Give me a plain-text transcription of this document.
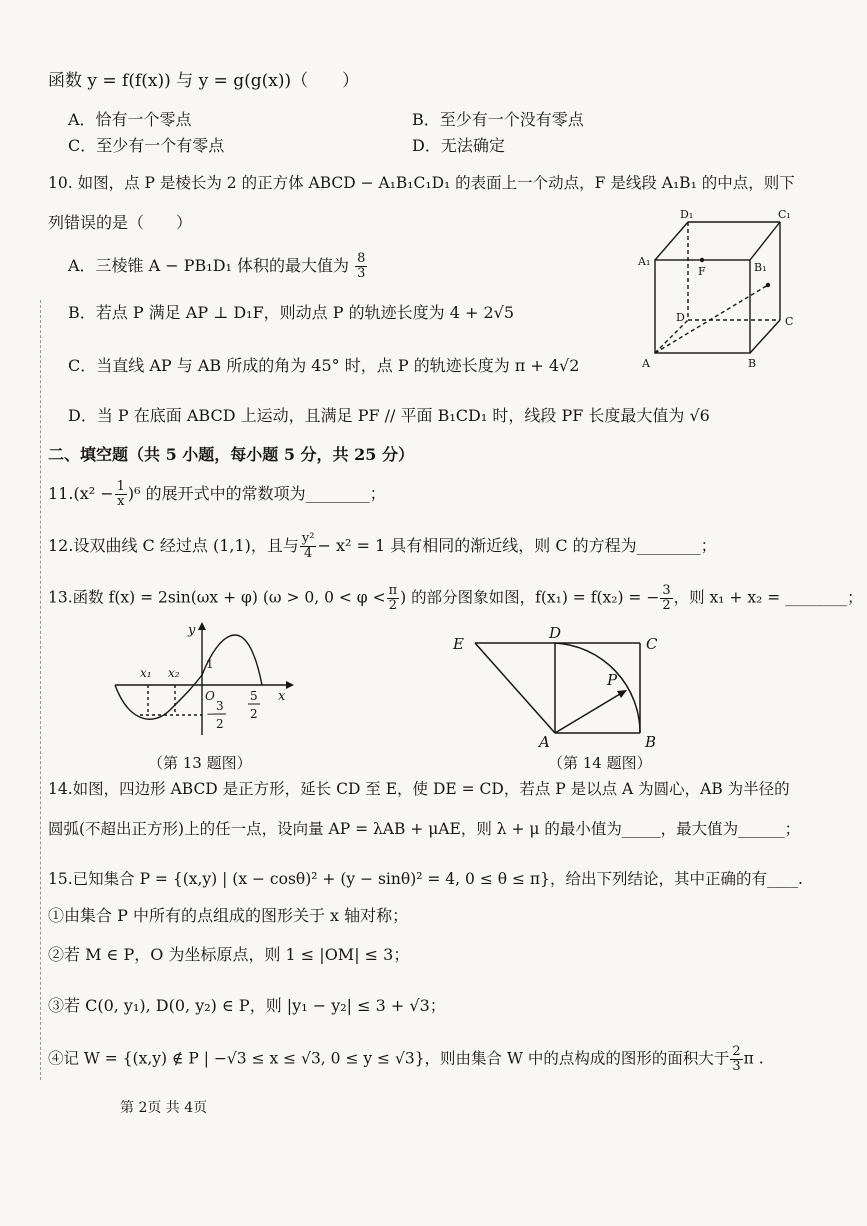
函数 y = f(f(x)) 与 y = g(g(x))（　　）
A．恰有一个零点	B．至少有一个没有零点
C．至少有一个有零点	D．无法确定
10. 如图，点 P 是棱长为 2 的正方体 ABCD − A₁B₁C₁D₁ 的表面上一个动点，F 是线段 A₁B₁ 的中点，则下
列错误的是（　　）
A．三棱锥 A − PB₁D₁ 体积的最大值为 $\frac{8}{3}$
B．若点 P 满足 AP ⊥ D₁F，则动点 P 的轨迹长度为 4 + 2√5
C．当直线 AP 与 AB 所成的角为 45° 时，点 P 的轨迹长度为 π + 4√2
D．当 P 在底面 ABCD 上运动，且满足 PF // 平面 B₁CD₁ 时，线段 PF 长度最大值为 √6
D₁	C₁
A₁	B₁
F
D	C
A	B
二、填空题（共 5 小题，每小题 5 分，共 25 分）
$11.(x^2 - \frac{1}{x} )^6$ 的展开式中的常数项为________；
12.设双曲线 C 经过点 (1,1)，且与 $\frac{\text{y²}}{4} - x^2 = 1$ 具有相同的渐近线，则 C 的方程为________；
13.函数 f(x) = 2sin(ωx + φ) (ω > 0, $0 < \varphi < \frac{\pi}{2}$ ) 的部分图象如图，f(x₁) = f(x₂) = − $\frac{3}{2}$ ，则 x₁ + x₂ = ________；
y
x
x₁ x₂
1
O
−
3
2
5
2
（第 13 题图）
E
D
C
P
A	B
（第 14 题图）
14.如图，四边形 ABCD 是正方形，延长 CD 至 E，使 DE = CD，若点 P 是以点 A 为圆心，AB 为半径的
圆弧(不超出正方形)上的任一点，设向量 AP = λAB + μAE，则 λ + μ 的最小值为_____，最大值为______；
15.已知集合 P = {(x,y) | (x − cosθ)² + (y − sinθ)² = 4, 0 ≤ θ ≤ π}，给出下列结论，其中正确的有____.
①由集合 P 中所有的点组成的图形关于 x 轴对称；
②若 M ∈ P，O 为坐标原点，则 1 ≤ |OM| ≤ 3；
③若 C(0, y₁), D(0, y₂) ∈ P，则 |y₁ − y₂| ≤ 3 + √3；
④记 W = {(x,y) ∉ P | −√3 ≤ x ≤ √3, 0 ≤ y ≤ √3}，则由集合 W 中的点构成的图形的面积大于 $\frac{2}{3}$ π .
第 2页 共 4页
